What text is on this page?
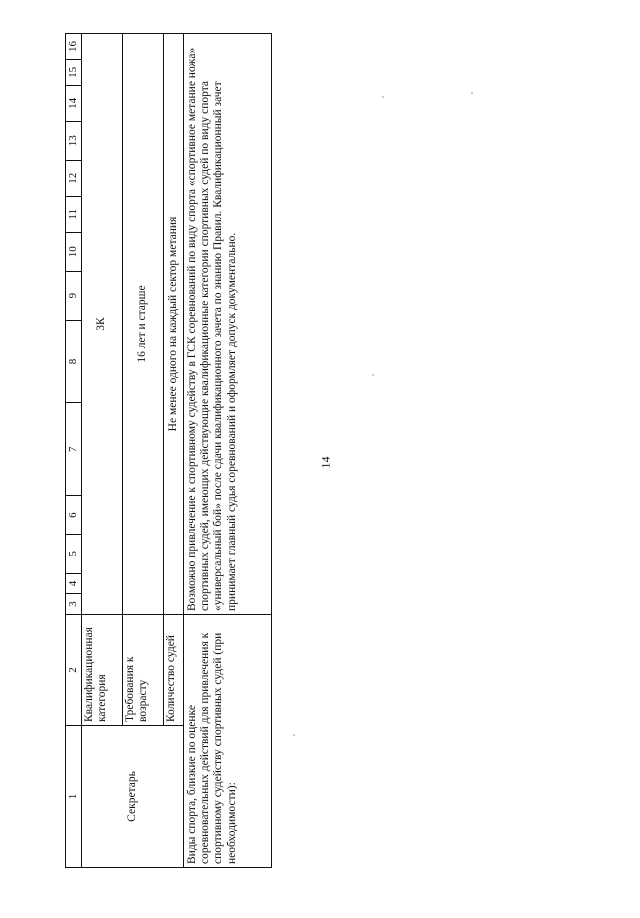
14
1	2	3	4	5	6	7	8	9	10	11	12	13	14	15	16
Секретарь	Квалификационная категория	3К													
	Требования к возрасту	16 лет и старше													
	Количество судей	Не менее одного на каждый сектор метания													
Виды спорта, близкие по оценке соревновательных действий для привлечения к спортивному судейству спортивных судей (при необходимости):		Возможно привлечение к спортивному судейству в ГСК соревнований по виду спорта «спортивное метание ножа» спортивных судей, имеющих действующие квалификационные категории спортивных судей по виду спорта «универсальный бой» после сдачи квалификационного зачета по знанию Правил. Квалификационный зачет принимает главный судья соревнований и оформляет допуск документально.													
